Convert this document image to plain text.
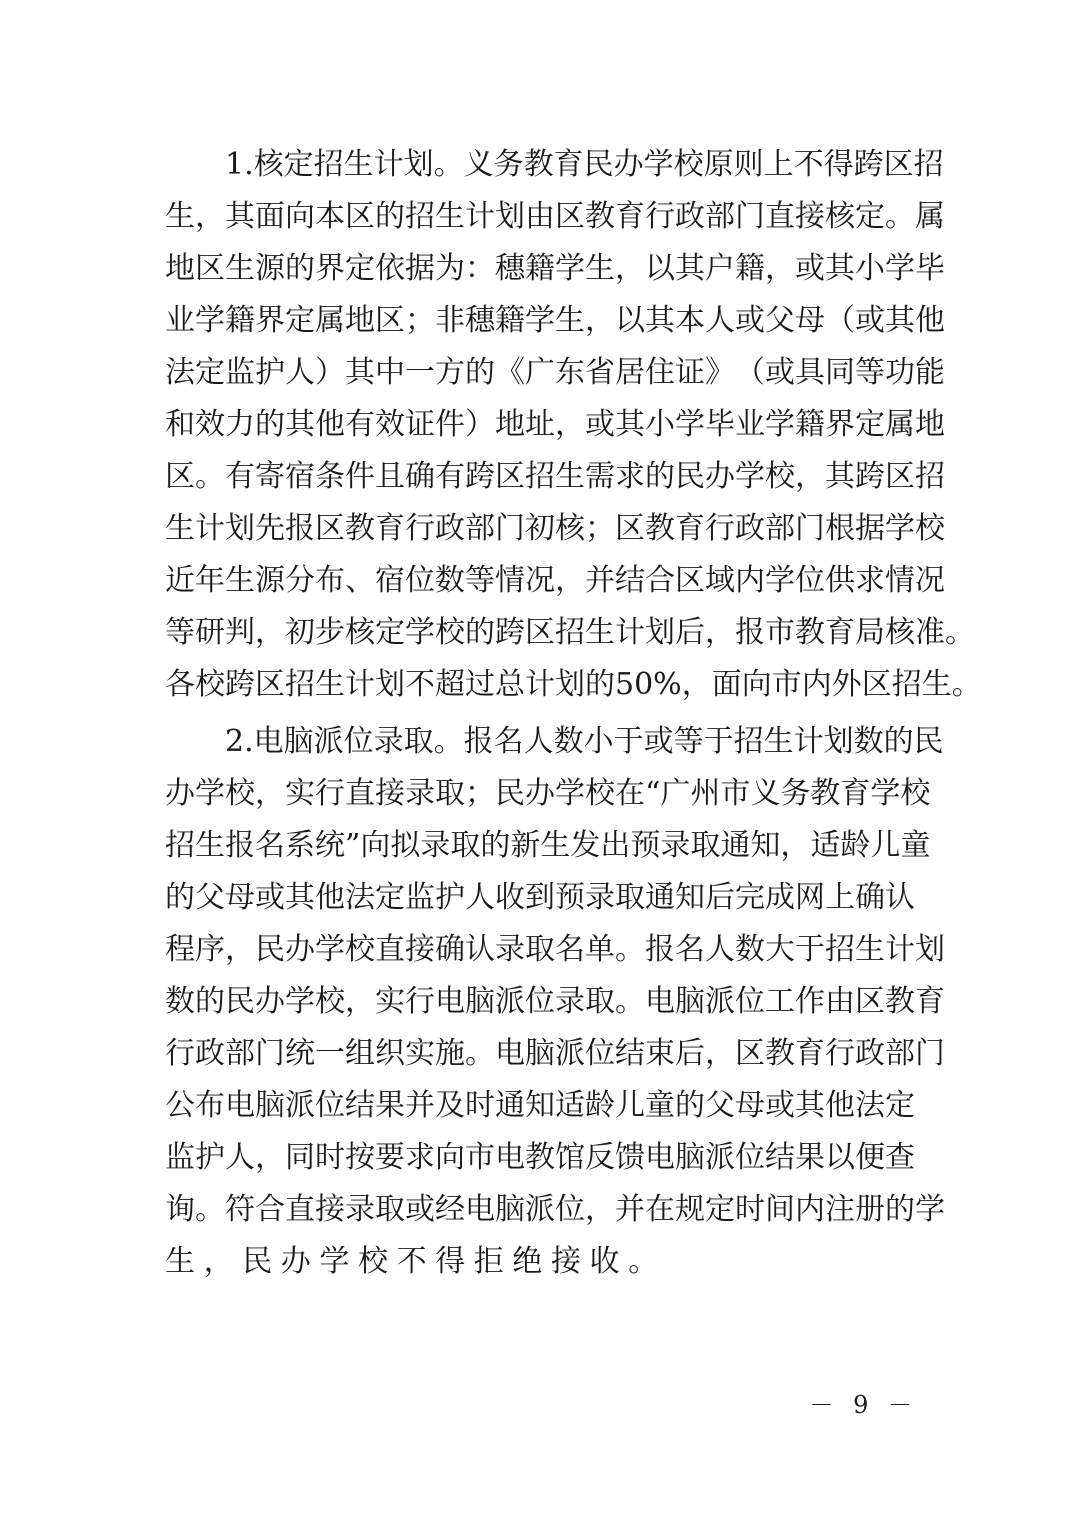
1 . 核 定 招 生 计 划 。 义 务 教 育 民 办 学 校 原 则 上 不 得 跨 区 招
生 ， 其 面 向 本 区 的 招 生 计 划 由 区 教 育 行 政 部 门 直 接 核 定 。 属
地 区 生 源 的 界 定 依 据 为 ： 穗 籍 学 生 ， 以 其 户 籍 ， 或 其 小 学 毕
业 学 籍 界 定 属 地 区 ； 非 穗 籍 学 生 ， 以 其 本 人 或 父 母 （ 或 其 他
法 定 监 护 人 ） 其 中 一 方 的 《 广 东 省 居 住 证 》 （ 或 具 同 等 功 能
和 效 力 的 其 他 有 效 证 件 ） 地 址 ， 或 其 小 学 毕 业 学 籍 界 定 属 地
区 。 有 寄 宿 条 件 且 确 有 跨 区 招 生 需 求 的 民 办 学 校 ， 其 跨 区 招
生 计 划 先 报 区 教 育 行 政 部 门 初 核 ； 区 教 育 行 政 部 门 根 据 学 校
近 年 生 源 分 布 、 宿 位 数 等 情 况 ， 并 结 合 区 域 内 学 位 供 求 情 况
等 研 判 ， 初 步 核 定 学 校 的 跨 区 招 生 计 划 后 ， 报 市 教 育 局 核 准 。
各 校 跨 区 招 生 计 划 不 超 过 总 计 划 的 50% ， 面 向 市 内 外 区 招 生 。

2 . 电 脑 派 位 录 取 。 报 名 人 数 小 于 或 等 于 招 生 计 划 数 的 民
办 学 校 ， 实 行 直 接 录 取 ； 民 办 学 校 在 “ 广 州 市 义 务 教 育 学 校
招 生 报 名 系 统 ” 向 拟 录 取 的 新 生 发 出 预 录 取 通 知 ， 适 龄 儿 童
的 父 母 或 其 他 法 定 监 护 人 收 到 预 录 取 通 知 后 完 成 网 上 确 认
程 序 ， 民 办 学 校 直 接 确 认 录 取 名 单 。 报 名 人 数 大 于 招 生 计 划
数 的 民 办 学 校 ， 实 行 电 脑 派 位 录 取 。 电 脑 派 位 工 作 由 区 教 育
行 政 部 门 统 一 组 织 实 施 。 电 脑 派 位 结 束 后 ， 区 教 育 行 政 部 门
公 布 电 脑 派 位 结 果 并 及 时 通 知 适 龄 儿 童 的 父 母 或 其 他 法 定
监 护 人 ， 同 时 按 要 求 向 市 电 教 馆 反 馈 电 脑 派 位 结 果 以 便 查
询 。 符 合 直 接 录 取 或 经 电 脑 派 位 ， 并 在 规 定 时 间 内 注 册 的 学
生，民办学校不得拒绝接收。
－ 9 －
